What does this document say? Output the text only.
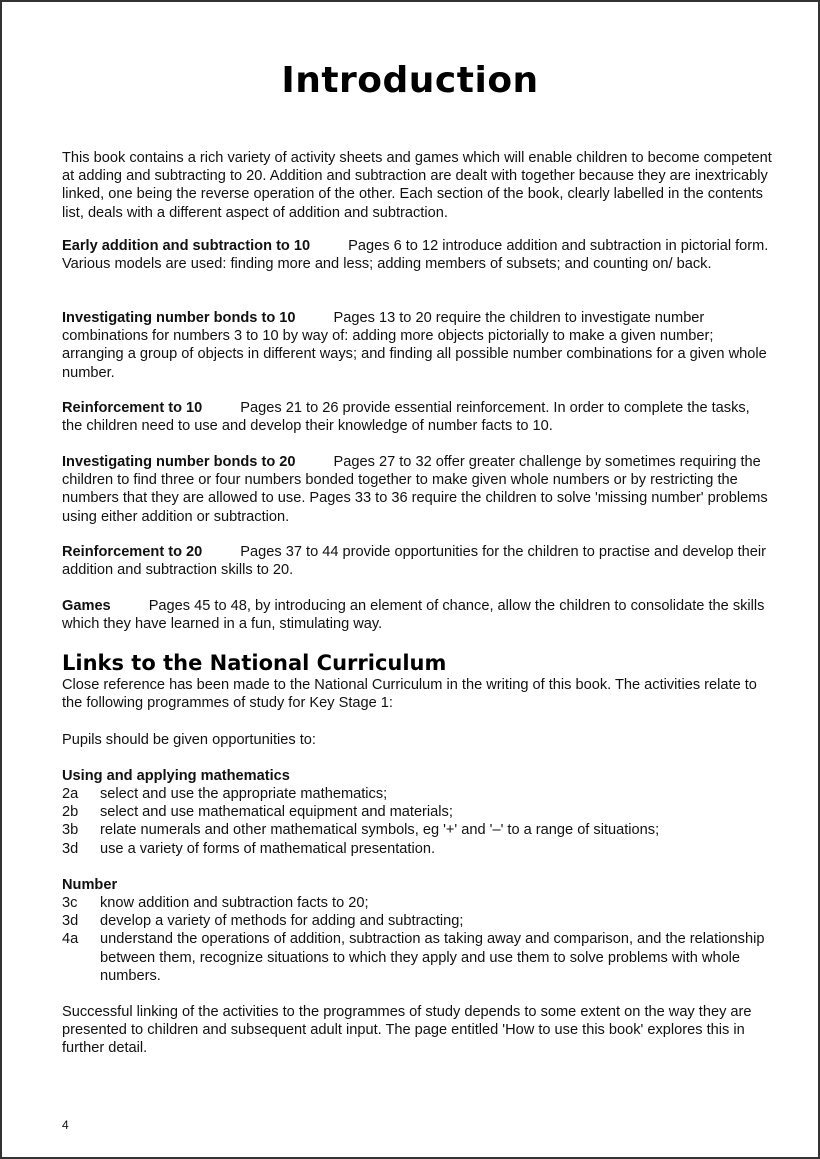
Introduction

This book contains a rich variety of activity sheets and games which will enable children to become competent at adding and subtracting to 20. Addition and subtraction are dealt with together because they are inextricably linked, one being the reverse operation of the other. Each section of the book, clearly labelled in the contents list, deals with a different aspect of addition and subtraction.

Early addition and subtraction to 10	Pages 6 to 12 introduce addition and subtraction in pictorial form. Various models are used: finding more and less; adding members of subsets; and counting on/ back.

Investigating number bonds to 10	Pages 13 to 20 require the children to investigate number combinations for numbers 3 to 10 by way of: adding more objects pictorially to make a given number; arranging a group of objects in different ways; and finding all possible number combinations for a given whole number.

Reinforcement to 10	Pages 21 to 26 provide essential reinforcement. In order to complete the tasks, the children need to use and develop their knowledge of number facts to 10.

Investigating number bonds to 20	Pages 27 to 32 offer greater challenge by sometimes requiring the children to find three or four numbers bonded together to make given whole numbers or by restricting the numbers that they are allowed to use. Pages 33 to 36 require the children to solve 'missing number' problems using either addition or subtraction.

Reinforcement to 20	Pages 37 to 44 provide opportunities for the children to practise and develop their addition and subtraction skills to 20.

Games	Pages 45 to 48, by introducing an element of chance, allow the children to consolidate the skills which they have learned in a fun, stimulating way.

Links to the National Curriculum

Close reference has been made to the National Curriculum in the writing of this book. The activities relate to the following programmes of study for Key Stage 1:

Pupils should be given opportunities to:

Using and applying mathematics

2a	select and use the appropriate mathematics;
2b	select and use mathematical equipment and materials;
3b	relate numerals and other mathematical symbols, eg '+' and '–' to a range of situations;
3d	use a variety of forms of mathematical presentation.

Number

3c	know addition and subtraction facts to 20;
3d	develop a variety of methods for adding and subtracting;
4a	understand the operations of addition, subtraction as taking away and comparison, and the relationship between them, recognize situations to which they apply and use them to solve problems with whole numbers.

Successful linking of the activities to the programmes of study depends to some extent on the way they are presented to children and subsequent adult input. The page entitled 'How to use this book' explores this in further detail.

4
